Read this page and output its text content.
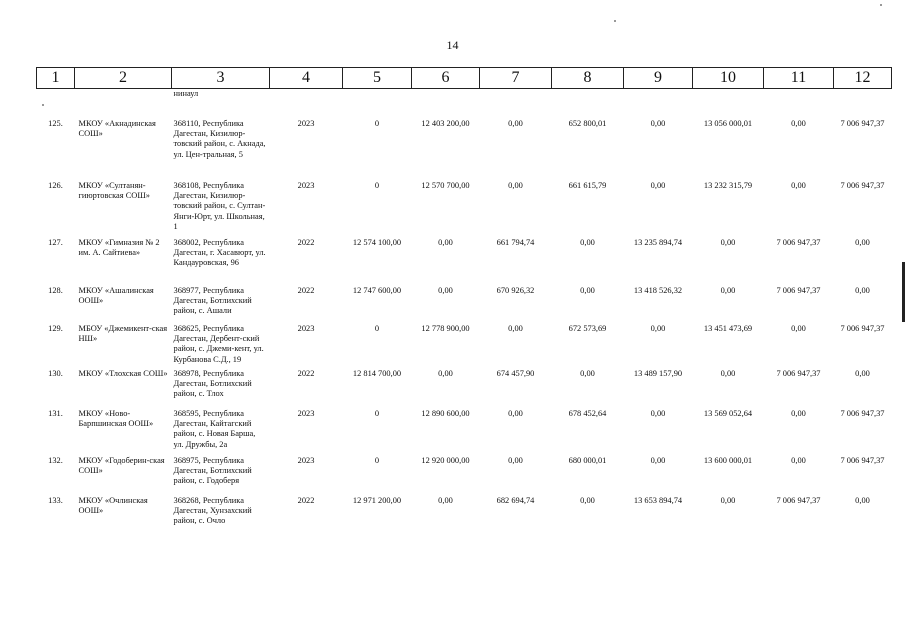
14
1	2	3	4	5	6	7	8	9	10	11	12
		нинаул									
125.	МКОУ «Акнадинская СОШ»	368110, Республика Дагестан, Кизилюр-товский район, с. Акнада, ул. Цен-тральная, 5	2023	0	12 403 200,00	0,00	652 800,01	0,00	13 056 000,01	0,00	7 006 947,37
126.	МКОУ «Султанян-гиюртовская СОШ»	368108, Республика Дагестан, Кизилюр-товский район, с. Султан-Янги-Юрт, ул. Школьная, 1	2023	0	12 570 700,00	0,00	661 615,79	0,00	13 232 315,79	0,00	7 006 947,37
127.	МКОУ «Гимназия № 2 им. А. Сайтиева»	368002, Республика Дагестан, г. Хасавюрт, ул. Кандауровская, 96	2022	12 574 100,00	0,00	661 794,74	0,00	13 235 894,74	0,00	7 006 947,37	0,00
128.	МКОУ «Ашалинская ООШ»	368977, Республика Дагестан, Ботлихский район, с. Ашали	2022	12 747 600,00	0,00	670 926,32	0,00	13 418 526,32	0,00	7 006 947,37	0,00
129.	МБОУ «Джемикент-ская НШ»	368625, Республика Дагестан, Дербент-ский район, с. Джеми-кент, ул. Курбанова С.Д., 19	2023	0	12 778 900,00	0,00	672 573,69	0,00	13 451 473,69	0,00	7 006 947,37
130.	МКОУ «Тлохская СОШ»	368978, Республика Дагестан, Ботлихский район, с. Тлох	2022	12 814 700,00	0,00	674 457,90	0,00	13 489 157,90	0,00	7 006 947,37	0,00
131.	МКОУ «Ново-Барпшинская ООШ»	368595, Республика Дагестан, Кайтагский район, с. Новая Барша, ул. Дружбы, 2а	2023	0	12 890 600,00	0,00	678 452,64	0,00	13 569 052,64	0,00	7 006 947,37
132.	МКОУ «Годоберин-ская СОШ»	368975, Республика Дагестан, Ботлихский район, с. Годоберя	2023	0	12 920 000,00	0,00	680 000,01	0,00	13 600 000,01	0,00	7 006 947,37
133.	МКОУ «Очлинская ООШ»	368268, Республика Дагестан, Хунзахский район, с. Очло	2022	12 971 200,00	0,00	682 694,74	0,00	13 653 894,74	0,00	7 006 947,37	0,00
